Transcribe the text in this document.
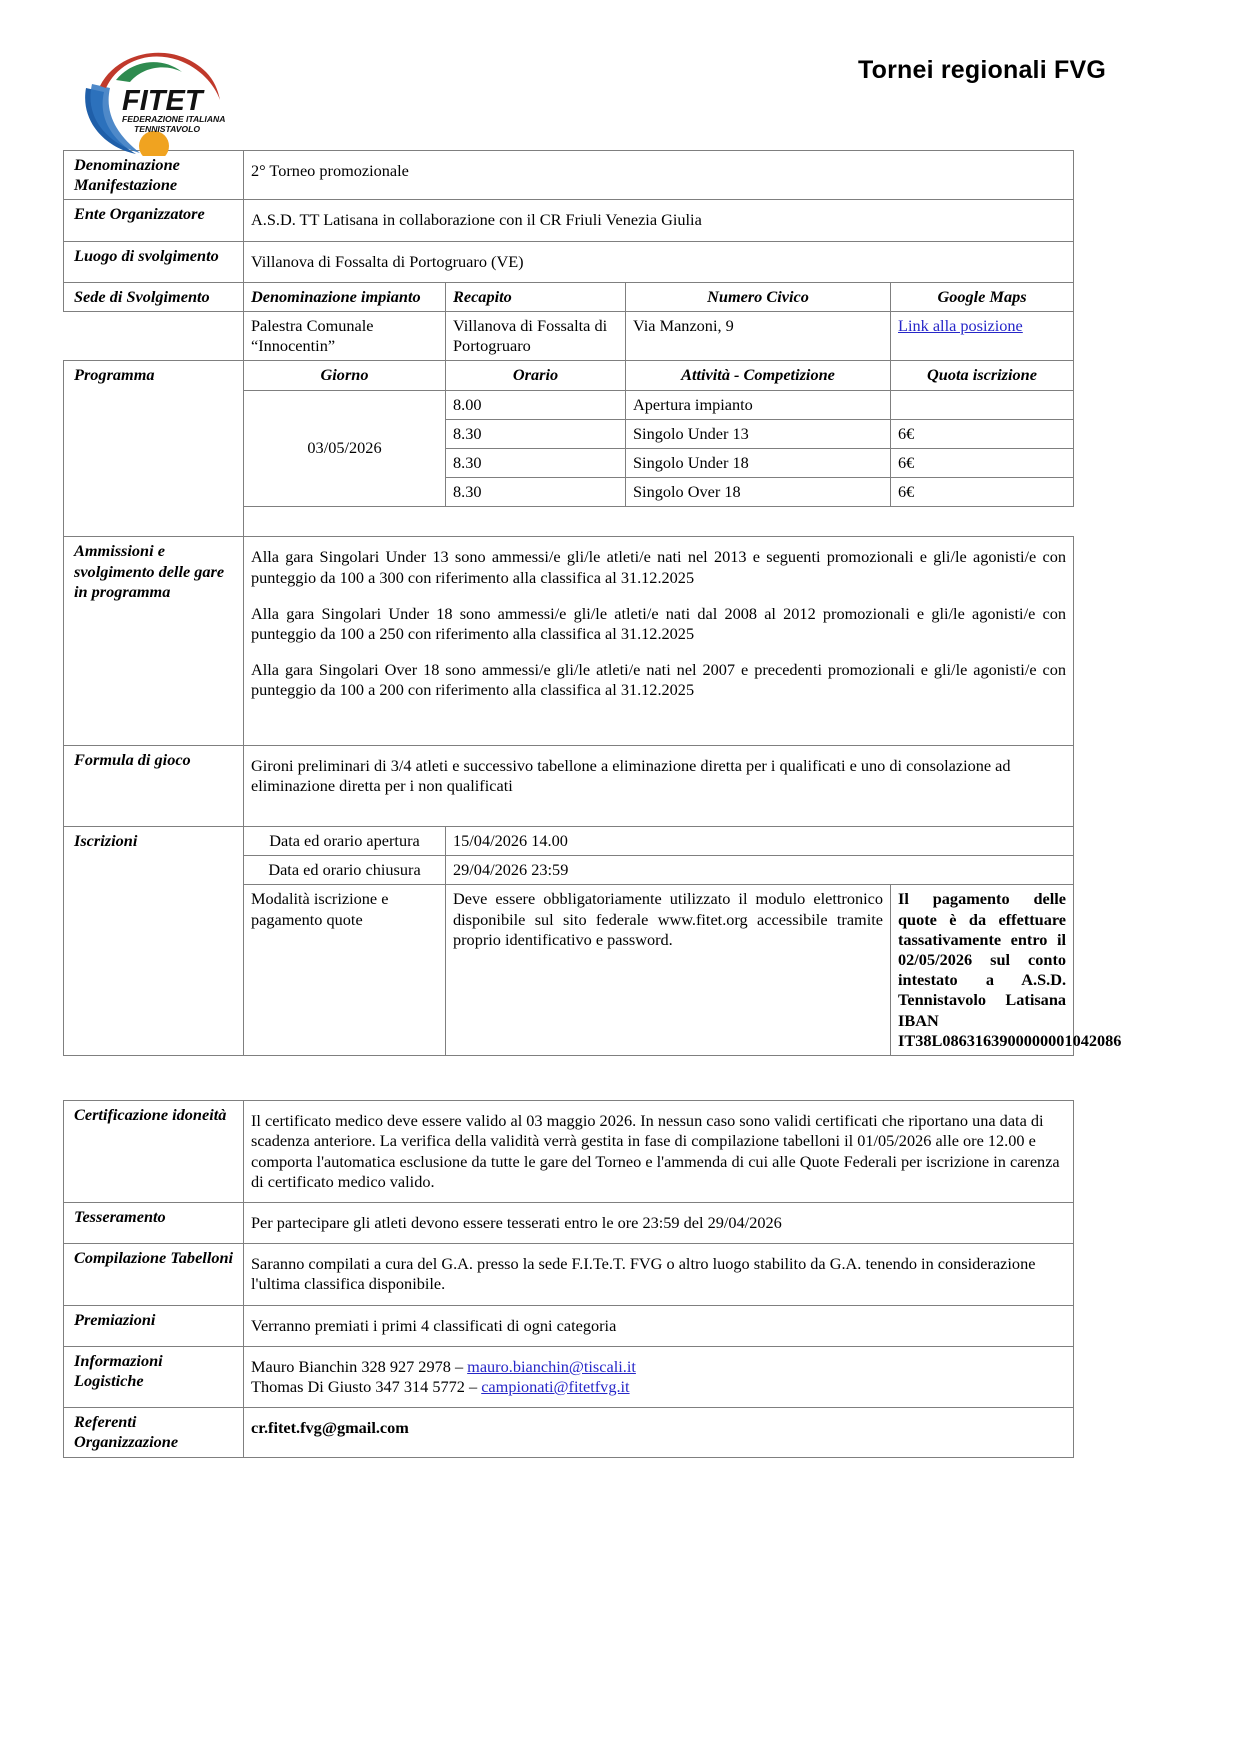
FITET
FEDERAZIONE ITALIANA
TENNISTAVOLO
Tornei regionali FVG
Denominazione Manifestazione	2° Torneo promozionale			
Ente Organizzatore	A.S.D. TT Latisana in collaborazione con il CR Friuli Venezia Giulia			
Luogo di svolgimento	Villanova di Fossalta di Portogruaro (VE)			
Sede di Svolgimento	Denominazione impianto	Recapito	Numero Civico	Google Maps
	Palestra Comunale “Innocentin”	Villanova di Fossalta di Portogruaro	Via Manzoni, 9	Link alla posizione
Programma	Giorno	Orario	Attività - Competizione	Quota iscrizione
	03/05/2026	8.00	Apertura impianto	
		8.30	Singolo Under 13	6€
		8.30	Singolo Under 18	6€
		8.30	Singolo Over 18	6€

Ammissioni e svolgimento delle gare in programma	Alla gara Singolari Under 13 sono ammessi/e gli/le atleti/e nati nel 2013 e seguenti promozionali e gli/le agonisti/e con punteggio da 100 a 300 con riferimento alla classifica al 31.12.2025

Alla gara Singolari Under 18 sono ammessi/e gli/le atleti/e nati dal 2008 al 2012 promozionali e gli/le agonisti/e con punteggio da 100 a 250 con riferimento alla classifica al 31.12.2025

Alla gara Singolari Over 18 sono ammessi/e gli/le atleti/e nati nel 2007 e precedenti promozionali e gli/le agonisti/e con punteggio da 100 a 200 con riferimento alla classifica al 31.12.2025			

Formula di gioco	Gironi preliminari di 3/4 atleti e successivo tabellone a eliminazione diretta per i qualificati e uno di consolazione ad eliminazione diretta per i non qualificati			

Iscrizioni	Data ed orario apertura	15/04/2026 14.00		
	Data ed orario chiusura	29/04/2026 23:59		
	Modalità iscrizione e pagamento quote	Deve essere obbligatoriamente utilizzato il modulo elettronico disponibile sul sito federale www.fitet.org accessibile tramite proprio identificativo e password.		Il pagamento delle quote è da effettuare tassativamente entro il 02/05/2026 sul conto intestato a A.S.D. Tennistavolo Latisana IBAN IT38L0863163900000001042086
Certificazione idoneità	Il certificato medico deve essere valido al 03 maggio 2026. In nessun caso sono validi certificati che riportano una data di scadenza anteriore. La verifica della validità verrà gestita in fase di compilazione tabelloni il 01/05/2026 alle ore 12.00 e comporta l'automatica esclusione da tutte le gare del Torneo e l'ammenda di cui alle Quote Federali per iscrizione in carenza di certificato medico valido.
Tesseramento	Per partecipare gli atleti devono essere tesserati entro le ore 23:59 del 29/04/2026
Compilazione Tabelloni	Saranno compilati a cura del G.A. presso la sede F.I.Te.T. FVG o altro luogo stabilito da G.A. tenendo in considerazione l'ultima classifica disponibile.
Premiazioni	Verranno premiati i primi 4 classificati di ogni categoria
Informazioni Logistiche	Mauro Bianchin 328 927 2978 – mauro.bianchin@tiscali.it
Thomas Di Giusto 347 314 5772 – campionati@fitetfvg.it

Referenti Organizzazione	cr.fitet.fvg@gmail.com
